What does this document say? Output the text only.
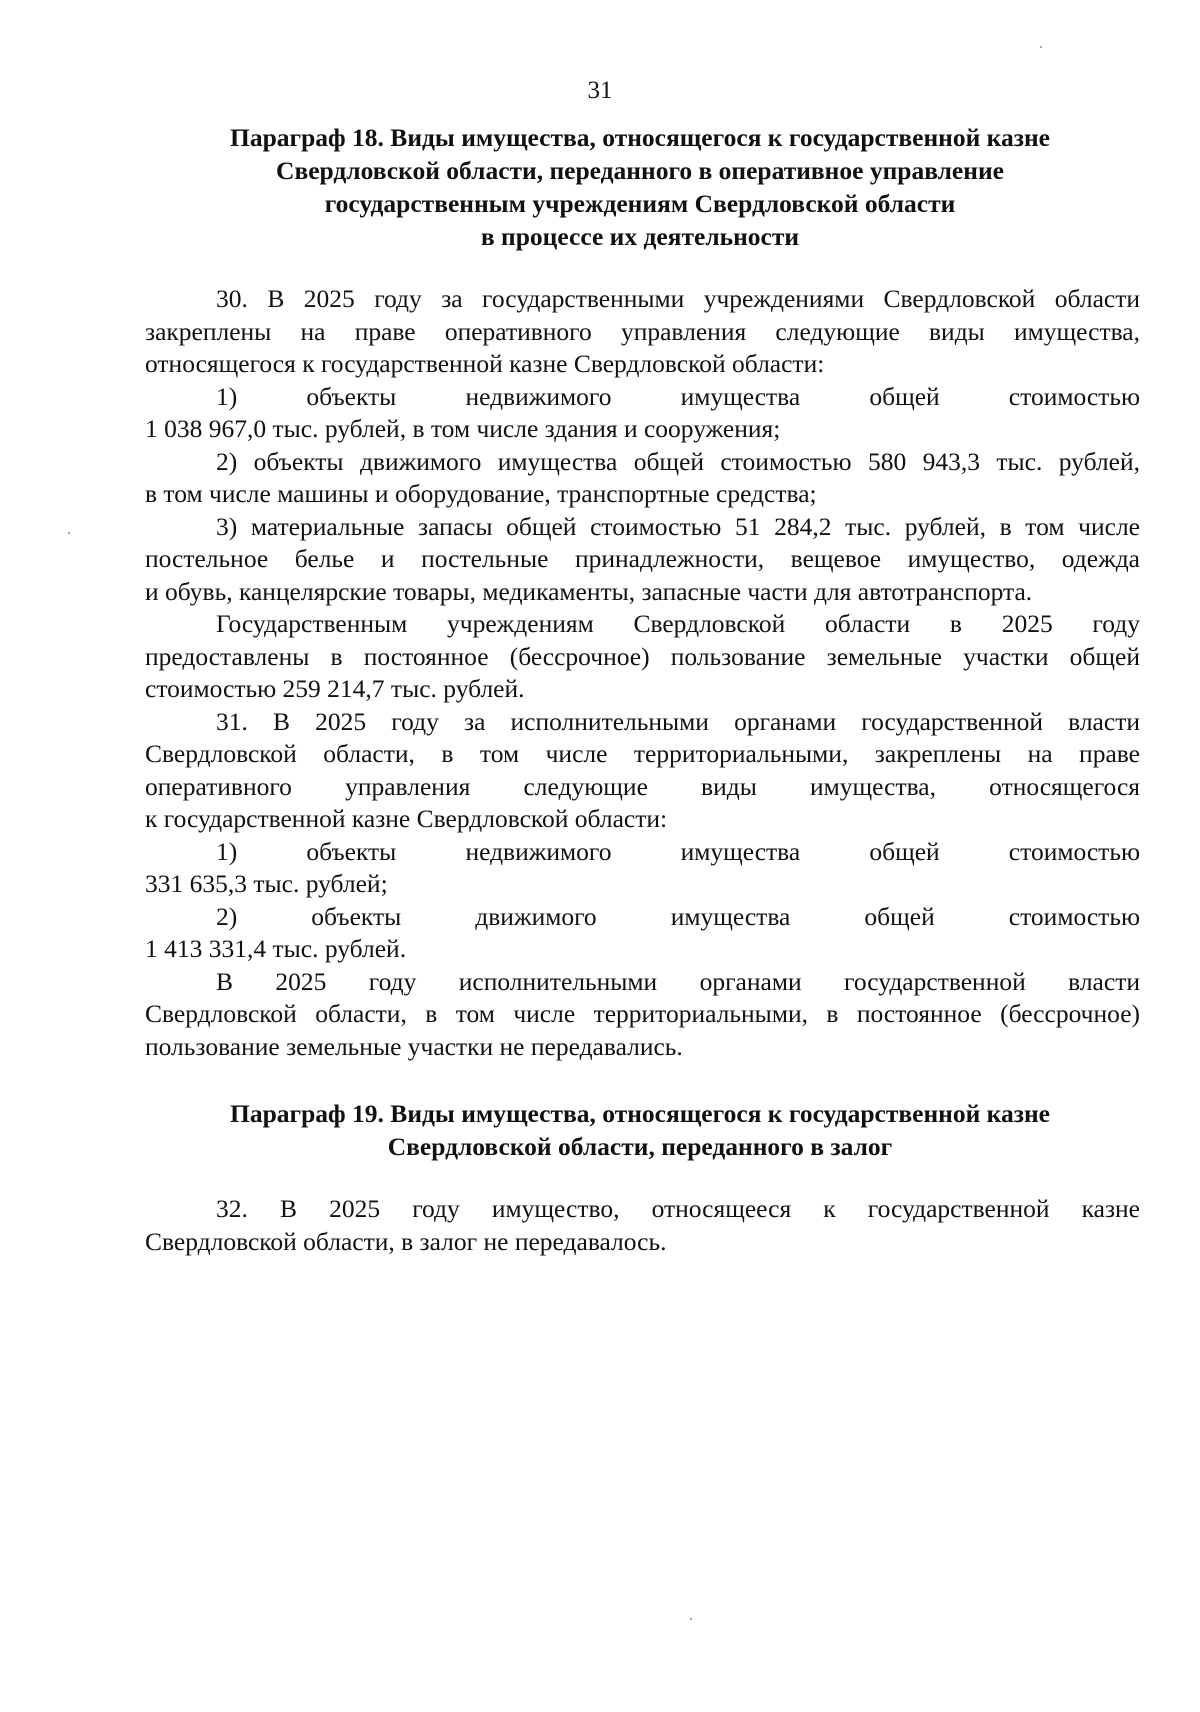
31
Параграф 18. Виды имущества, относящегося к государственной казне
Свердловской области, переданного в оперативное управление
государственным учреждениям Свердловской области
в процессе их деятельности
30. В 2025 году за государственными учреждениями Свердловской области
закреплены на праве оперативного управления следующие виды имущества,
относящегося к государственной казне Свердловской области:
1) объекты недвижимого имущества общей стоимостью
1 038 967,0 тыс. рублей, в том числе здания и сооружения;
2) объекты движимого имущества общей стоимостью 580 943,3 тыс. рублей,
в том числе машины и оборудование, транспортные средства;
3) материальные запасы общей стоимостью 51 284,2 тыс. рублей, в том числе
постельное белье и постельные принадлежности, вещевое имущество, одежда
и обувь, канцелярские товары, медикаменты, запасные части для автотранспорта.
Государственным учреждениям Свердловской области в 2025 году
предоставлены в постоянное (бессрочное) пользование земельные участки общей
стоимостью 259 214,7 тыс. рублей.
31. В 2025 году за исполнительными органами государственной власти
Свердловской области, в том числе территориальными, закреплены на праве
оперативного управления следующие виды имущества, относящегося
к государственной казне Свердловской области:
1) объекты недвижимого имущества общей стоимостью
331 635,3 тыс. рублей;
2) объекты движимого имущества общей стоимостью
1 413 331,4 тыс. рублей.
В 2025 году исполнительными органами государственной власти
Свердловской области, в том числе территориальными, в постоянное (бессрочное)
пользование земельные участки не передавались.
Параграф 19. Виды имущества, относящегося к государственной казне
Свердловской области, переданного в залог
32. В 2025 году имущество, относящееся к государственной казне
Свердловской области, в залог не передавалось.
